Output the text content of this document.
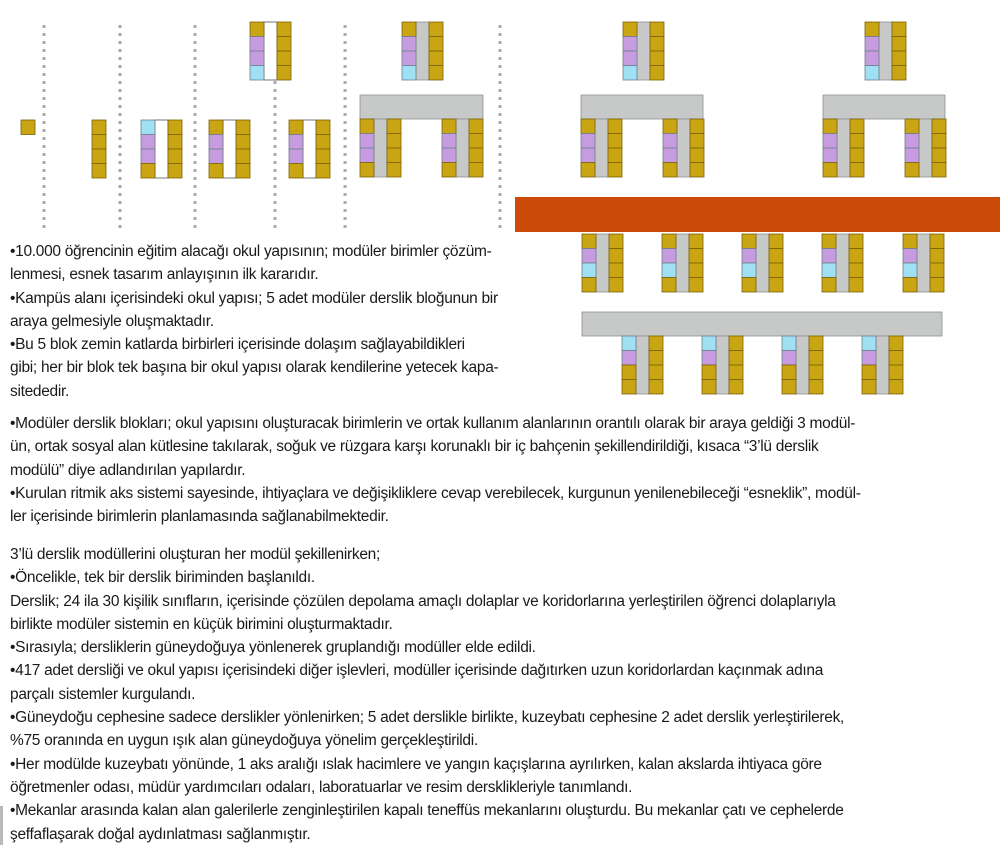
•10.000 öğrencinin eğitim alacağı okul yapısının; modüler birimler çözüm-
lenmesi, esnek tasarım anlayışının ilk kararıdır.
•Kampüs alanı içerisindeki okul yapısı; 5 adet modüler derslik bloğunun bir
araya gelmesiyle oluşmaktadır.
•Bu 5 blok zemin katlarda birbirleri içerisinde dolaşım sağlayabildikleri
gibi; her bir blok tek başına bir okul yapısı olarak kendilerine yetecek kapa-
sitededir.
•Modüler derslik blokları; okul yapısını oluşturacak birimlerin ve ortak kullanım alanlarının orantılı olarak bir araya geldiği 3 modül-
ün, ortak sosyal alan kütlesine takılarak, soğuk ve rüzgara karşı korunaklı bir iç bahçenin şekillendirildiği, kısaca “3’lü derslik
modülü” diye adlandırılan yapılardır.
•Kurulan ritmik aks sistemi sayesinde, ihtiyaçlara ve değişikliklere cevap verebilecek, kurgunun yenilenebileceği “esneklik”, modül-
ler içerisinde birimlerin planlamasında sağlanabilmektedir.
3’lü derslik modüllerini oluşturan her modül şekillenirken;
•Öncelikle, tek bir derslik biriminden başlanıldı.
Derslik; 24 ila 30 kişilik sınıfların, içerisinde çözülen depolama amaçlı dolaplar ve koridorlarına yerleştirilen öğrenci dolaplarıyla
birlikte modüler sistemin en küçük birimini oluşturmaktadır.
•Sırasıyla; dersliklerin güneydoğuya yönlenerek gruplandığı modüller elde edildi.
•417 adet dersliği ve okul yapısı içerisindeki diğer işlevleri, modüller içerisinde dağıtırken uzun koridorlardan kaçınmak adına
parçalı sistemler kurgulandı.
•Güneydoğu cephesine sadece derslikler yönlenirken; 5 adet derslikle birlikte, kuzeybatı cephesine 2 adet derslik yerleştirilerek,
%75 oranında en uygun ışık alan güneydoğuya yönelim gerçekleştirildi.
•Her modülde kuzeybatı yönünde, 1 aks aralığı ıslak hacimlere ve yangın kaçışlarına ayrılırken, kalan akslarda ihtiyaca göre
öğretmenler odası, müdür yardımcıları odaları, laboratuarlar ve resim dersklikleriyle tanımlandı.
•Mekanlar arasında kalan alan galerilerle zenginleştirilen kapalı teneffüs mekanlarını oluşturdu. Bu mekanlar çatı ve cephelerde
şeffaflaşarak doğal aydınlatması sağlanmıştır.
